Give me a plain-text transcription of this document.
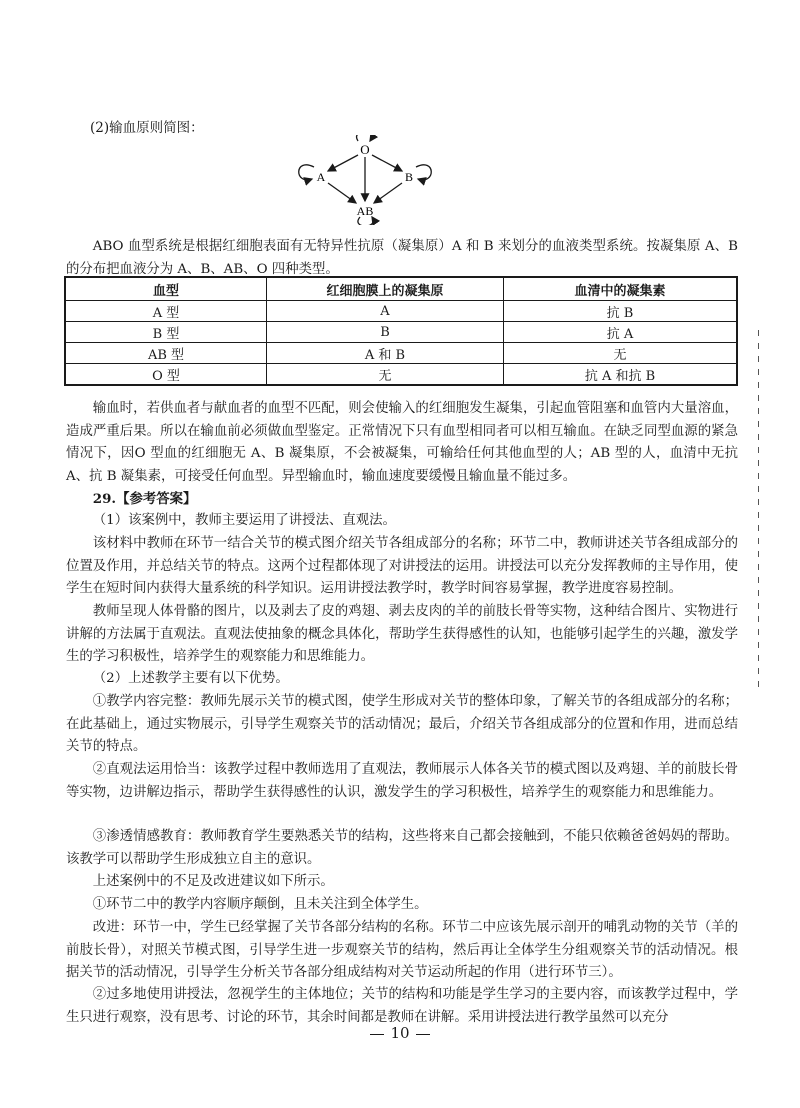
(2)输血原则简图：
O
A	B
AB

ABO 血型系统是根据红细胞表面有无特异性抗原（凝集原）A 和 B 来划分的血液类型系统。按凝集原 A、B 的分布把血液分为 A、B、AB、O 四种类型。

血型	红细胞膜上的凝集原	血清中的凝集素
A 型	A	抗 B
B 型	B	抗 A
AB 型	A 和 B	无
O 型	无	抗 A 和抗 B

输血时，若供血者与献血者的血型不匹配，则会使输入的红细胞发生凝集，引起血管阻塞和血管内大量溶血，造成严重后果。所以在输血前必须做血型鉴定。正常情况下只有血型相同者可以相互输血。在缺乏同型血源的紧急情况下，因O 型血的红细胞无 A、B 凝集原，不会被凝集，可输给任何其他血型的人；AB 型的人，血清中无抗 A、抗 B 凝集素，可接受任何血型。异型输血时，输血速度要缓慢且输血量不能过多。

29.【参考答案】

（1）该案例中，教师主要运用了讲授法、直观法。

该材料中教师在环节一结合关节的模式图介绍关节各组成部分的名称；环节二中，教师讲述关节各组成部分的位置及作用，并总结关节的特点。这两个过程都体现了对讲授法的运用。讲授法可以充分发挥教师的主导作用，使学生在短时间内获得大量系统的科学知识。运用讲授法教学时，教学时间容易掌握，教学进度容易控制。

教师呈现人体骨骼的图片，以及剥去了皮的鸡翅、剥去皮肉的羊的前肢长骨等实物，这种结合图片、实物进行讲解的方法属于直观法。直观法使抽象的概念具体化，帮助学生获得感性的认知，也能够引起学生的兴趣，激发学生的学习积极性，培养学生的观察能力和思维能力。

（2）上述教学主要有以下优势。

①教学内容完整：教师先展示关节的模式图，使学生形成对关节的整体印象，了解关节的各组成部分的名称；在此基础上，通过实物展示，引导学生观察关节的活动情况；最后，介绍关节各组成部分的位置和作用，进而总结关节的特点。

②直观法运用恰当：该教学过程中教师选用了直观法，教师展示人体各关节的模式图以及鸡翅、羊的前肢长骨等实物，边讲解边指示，帮助学生获得感性的认识，激发学生的学习积极性，培养学生的观察能力和思维能力。

③渗透情感教育：教师教育学生要熟悉关节的结构，这些将来自己都会接触到，不能只依赖爸爸妈妈的帮助。该教学可以帮助学生形成独立自主的意识。

上述案例中的不足及改进建议如下所示。

①环节二中的教学内容顺序颠倒，且未关注到全体学生。

改进：环节一中，学生已经掌握了关节各部分结构的名称。环节二中应该先展示剖开的哺乳动物的关节（羊的前肢长骨），对照关节模式图，引导学生进一步观察关节的结构，然后再让全体学生分组观察关节的活动情况。根据关节的活动情况，引导学生分析关节各部分组成结构对关节运动所起的作用（进行环节三）。

②过多地使用讲授法，忽视学生的主体地位；关节的结构和功能是学生学习的主要内容，而该教学过程中，学生只进行观察，没有思考、讨论的环节，其余时间都是教师在讲解。采用讲授法进行教学虽然可以充分

10
